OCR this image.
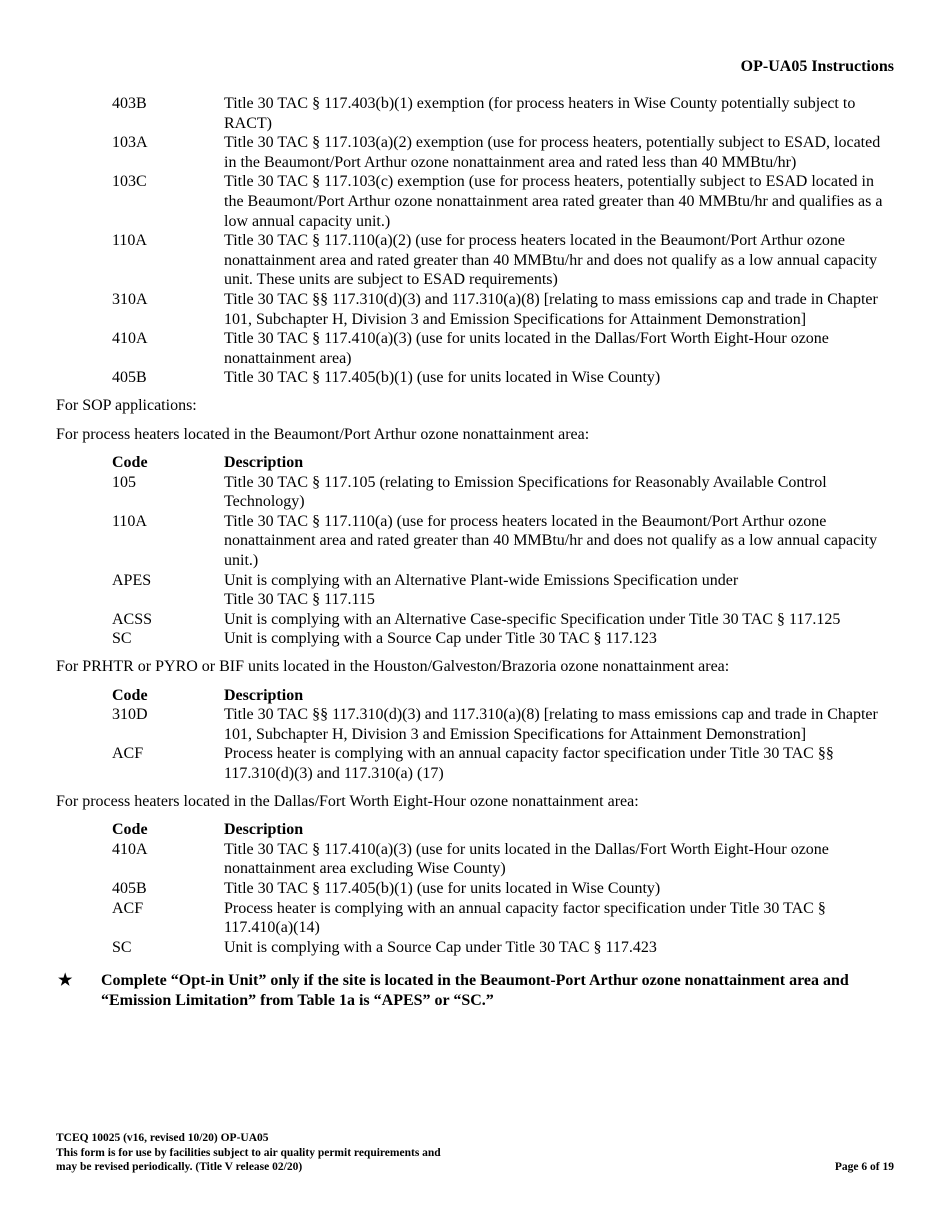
OP-UA05 Instructions
403B	Title 30 TAC § 117.403(b)(1) exemption (for process heaters in Wise County potentially subject to RACT)
103A	Title 30 TAC § 117.103(a)(2) exemption (use for process heaters, potentially subject to ESAD, located in the Beaumont/Port Arthur ozone nonattainment area and rated less than 40 MMBtu/hr)
103C	Title 30 TAC § 117.103(c) exemption (use for process heaters, potentially subject to ESAD located in the Beaumont/Port Arthur ozone nonattainment area rated greater than 40 MMBtu/hr and qualifies as a low annual capacity unit.)
110A	Title 30 TAC § 117.110(a)(2) (use for process heaters located in the Beaumont/Port Arthur ozone nonattainment area and rated greater than 40 MMBtu/hr and does not qualify as a low annual capacity unit. These units are subject to ESAD requirements)
310A	Title 30 TAC §§ 117.310(d)(3) and 117.310(a)(8) [relating to mass emissions cap and trade in Chapter 101, Subchapter H, Division 3 and Emission Specifications for Attainment Demonstration]
410A	Title 30 TAC § 117.410(a)(3) (use for units located in the Dallas/Fort Worth Eight-Hour ozone nonattainment area)
405B	Title 30 TAC § 117.405(b)(1) (use for units located in Wise County)
For SOP applications:
For process heaters located in the Beaumont/Port Arthur ozone nonattainment area:
Code	Description
105	Title 30 TAC § 117.105 (relating to Emission Specifications for Reasonably Available Control Technology)
110A	Title 30 TAC § 117.110(a) (use for process heaters located in the Beaumont/Port Arthur ozone nonattainment area and rated greater than 40 MMBtu/hr and does not qualify as a low annual capacity unit.)
APES	Unit is complying with an Alternative Plant-wide Emissions Specification under
Title 30 TAC § 117.115
ACSS	Unit is complying with an Alternative Case-specific Specification under Title 30 TAC § 117.125
SC	Unit is complying with a Source Cap under Title 30 TAC § 117.123
For PRHTR or PYRO or BIF units located in the Houston/Galveston/Brazoria ozone nonattainment area:
Code	Description
310D	Title 30 TAC §§ 117.310(d)(3) and 117.310(a)(8) [relating to mass emissions cap and trade in Chapter 101, Subchapter H, Division 3 and Emission Specifications for Attainment Demonstration]
ACF	Process heater is complying with an annual capacity factor specification under Title 30 TAC §§ 117.310(d)(3) and 117.310(a) (17)
For process heaters located in the Dallas/Fort Worth Eight-Hour ozone nonattainment area:
Code	Description
410A	Title 30 TAC § 117.410(a)(3) (use for units located in the Dallas/Fort Worth Eight-Hour ozone nonattainment area excluding Wise County)
405B	Title 30 TAC § 117.405(b)(1) (use for units located in Wise County)
ACF	Process heater is complying with an annual capacity factor specification under Title 30 TAC § 117.410(a)(14)
SC	Unit is complying with a Source Cap under Title 30 TAC § 117.423
★	Complete “Opt-in Unit” only if the site is located in the Beaumont-Port Arthur ozone nonattainment area and “Emission Limitation” from Table 1a is “APES” or “SC.”
TCEQ 10025 (v16, revised 10/20) OP-UA05
This form is for use by facilities subject to air quality permit requirements and
may be revised periodically. (Title V release 02/20)	Page 6 of 19
